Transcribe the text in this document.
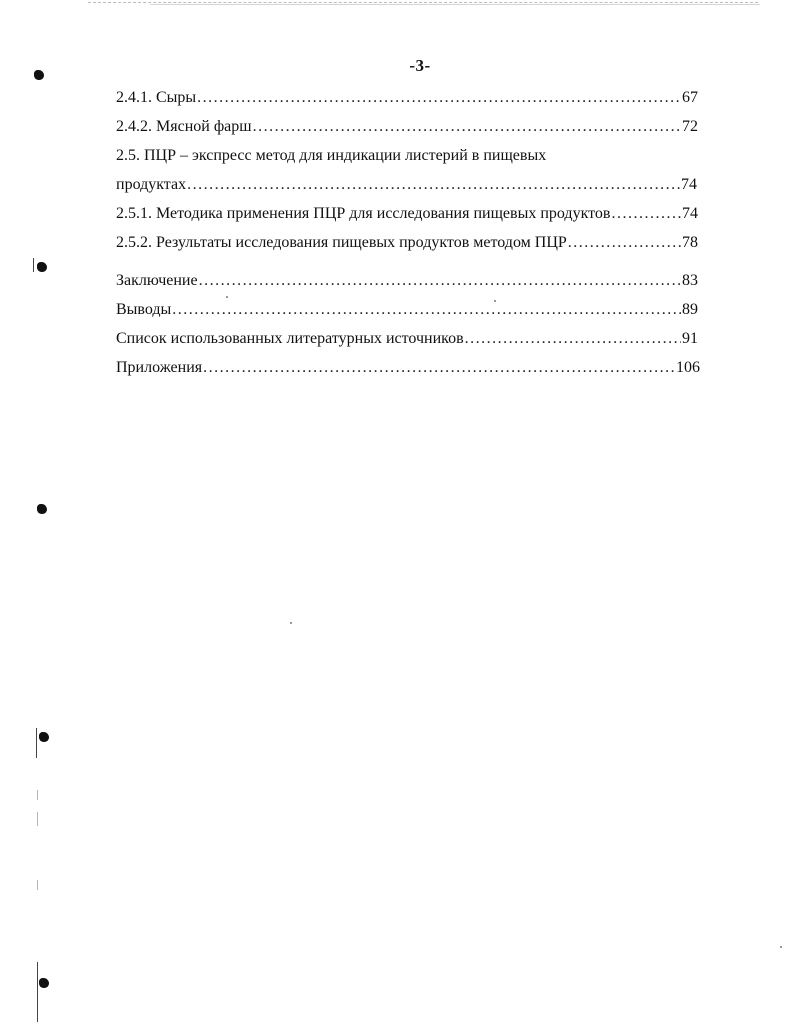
-3-
2.4.1. Сыры .....	67
2.4.2. Мясной фарш .....	72
2.5. ПЦР – экспресс метод для индикации листерий в пищевых
продуктах .....	74
2.5.1. Методика применения ПЦР для исследования пищевых продуктов .....	74
2.5.2. Результаты исследования пищевых продуктов методом ПЦР .....	78
Заключение .....	83
Выводы .....	89
Список использованных литературных источников .....	91
Приложения .....	106
